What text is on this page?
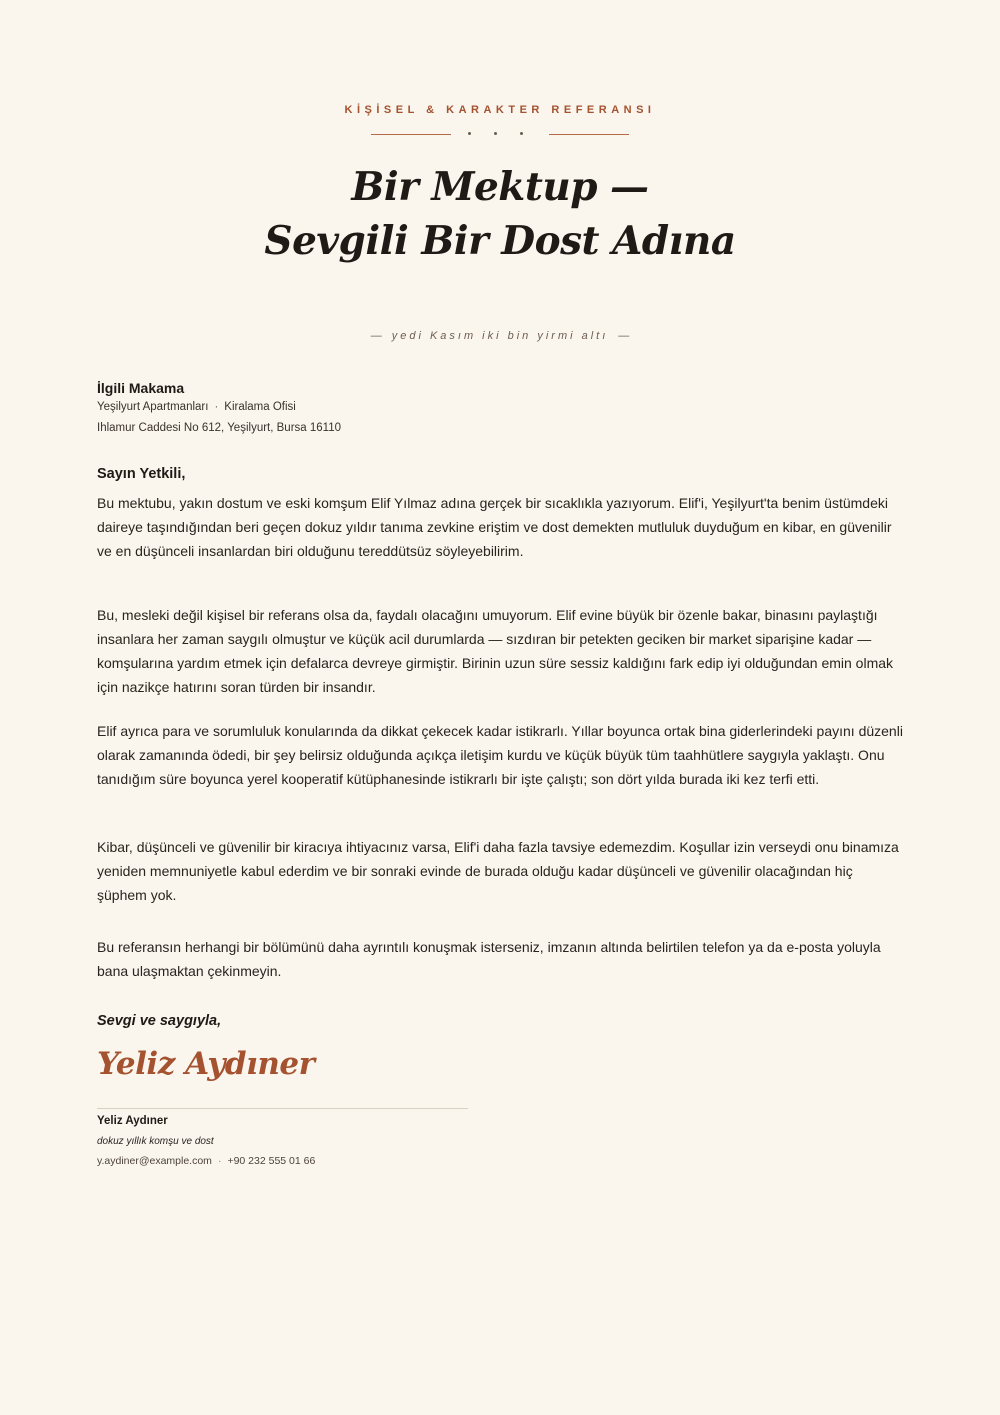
KİŞİSEL & KARAKTER REFERANSI
Bir Mektup —
Sevgili Bir Dost Adına
— yedi Kasım iki bin yirmi altı —
İlgili Makama
Yeşilyurt Apartmanları · Kiralama Ofisi
Ihlamur Caddesi No 612, Yeşilyurt, Bursa 16110
Sayın Yetkili,

Bu mektubu, yakın dostum ve eski komşum Elif Yılmaz adına gerçek bir sıcaklıkla yazıyorum. Elif'i, Yeşilyurt'ta benim üstümdeki daireye taşındığından beri geçen dokuz yıldır tanıma zevkine eriştim ve dost demekten mutluluk duyduğum en kibar, en güvenilir ve en düşünceli insanlardan biri olduğunu tereddütsüz söyleyebilirim.

Bu, mesleki değil kişisel bir referans olsa da, faydalı olacağını umuyorum. Elif evine büyük bir özenle bakar, binasını paylaştığı insanlara her zaman saygılı olmuştur ve küçük acil durumlarda — sızdıran bir petekten geciken bir market siparişine kadar — komşularına yardım etmek için defalarca devreye girmiştir. Birinin uzun süre sessiz kaldığını fark edip iyi olduğundan emin olmak için nazikçe hatırını soran türden bir insandır.

Elif ayrıca para ve sorumluluk konularında da dikkat çekecek kadar istikrarlı. Yıllar boyunca ortak bina giderlerindeki payını düzenli olarak zamanında ödedi, bir şey belirsiz olduğunda açıkça iletişim kurdu ve küçük büyük tüm taahhütlere saygıyla yaklaştı. Onu tanıdığım süre boyunca yerel kooperatif kütüphanesinde istikrarlı bir işte çalıştı; son dört yılda burada iki kez terfi etti.

Kibar, düşünceli ve güvenilir bir kiracıya ihtiyacınız varsa, Elif'i daha fazla tavsiye edemezdim. Koşullar izin verseydi onu binamıza yeniden memnuniyetle kabul ederdim ve bir sonraki evinde de burada olduğu kadar düşünceli ve güvenilir olacağından hiç şüphem yok.

Bu referansın herhangi bir bölümünü daha ayrıntılı konuşmak isterseniz, imzanın altında belirtilen telefon ya da e-posta yoluyla bana ulaşmaktan çekinmeyin.

Sevgi ve saygıyla,
Yeliz Aydıner
Yeliz Aydıner
dokuz yıllık komşu ve dost
y.aydiner@example.com · +90 232 555 01 66
